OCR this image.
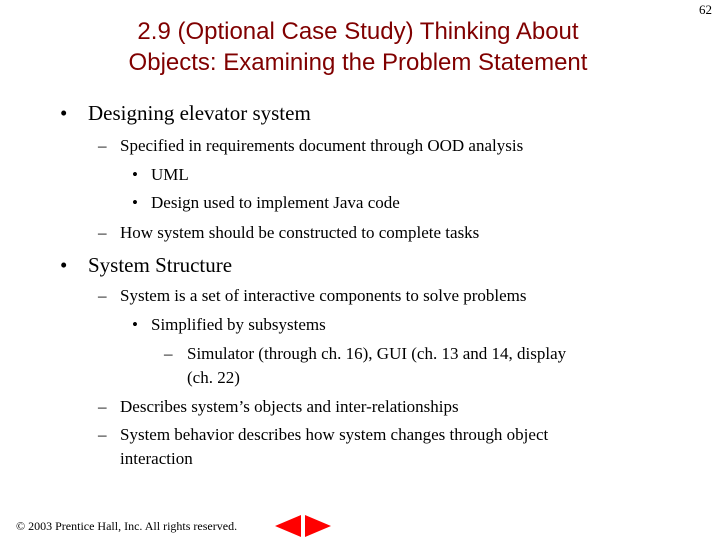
62
2.9 (Optional Case Study) Thinking About
Objects: Examining the Problem Statement
• Designing elevator system
– Specified in requirements document through OOD analysis
• UML
• Design used to implement Java code
– How system should be constructed to complete tasks
• System Structure
– System is a set of interactive components to solve problems
• Simplified by subsystems
– Simulator (through ch. 16), GUI (ch. 13 and 14, display
(ch. 22)
– Describes system’s objects and inter-relationships
– System behavior describes how system changes through object
interaction
© 2003 Prentice Hall, Inc. All rights reserved.
